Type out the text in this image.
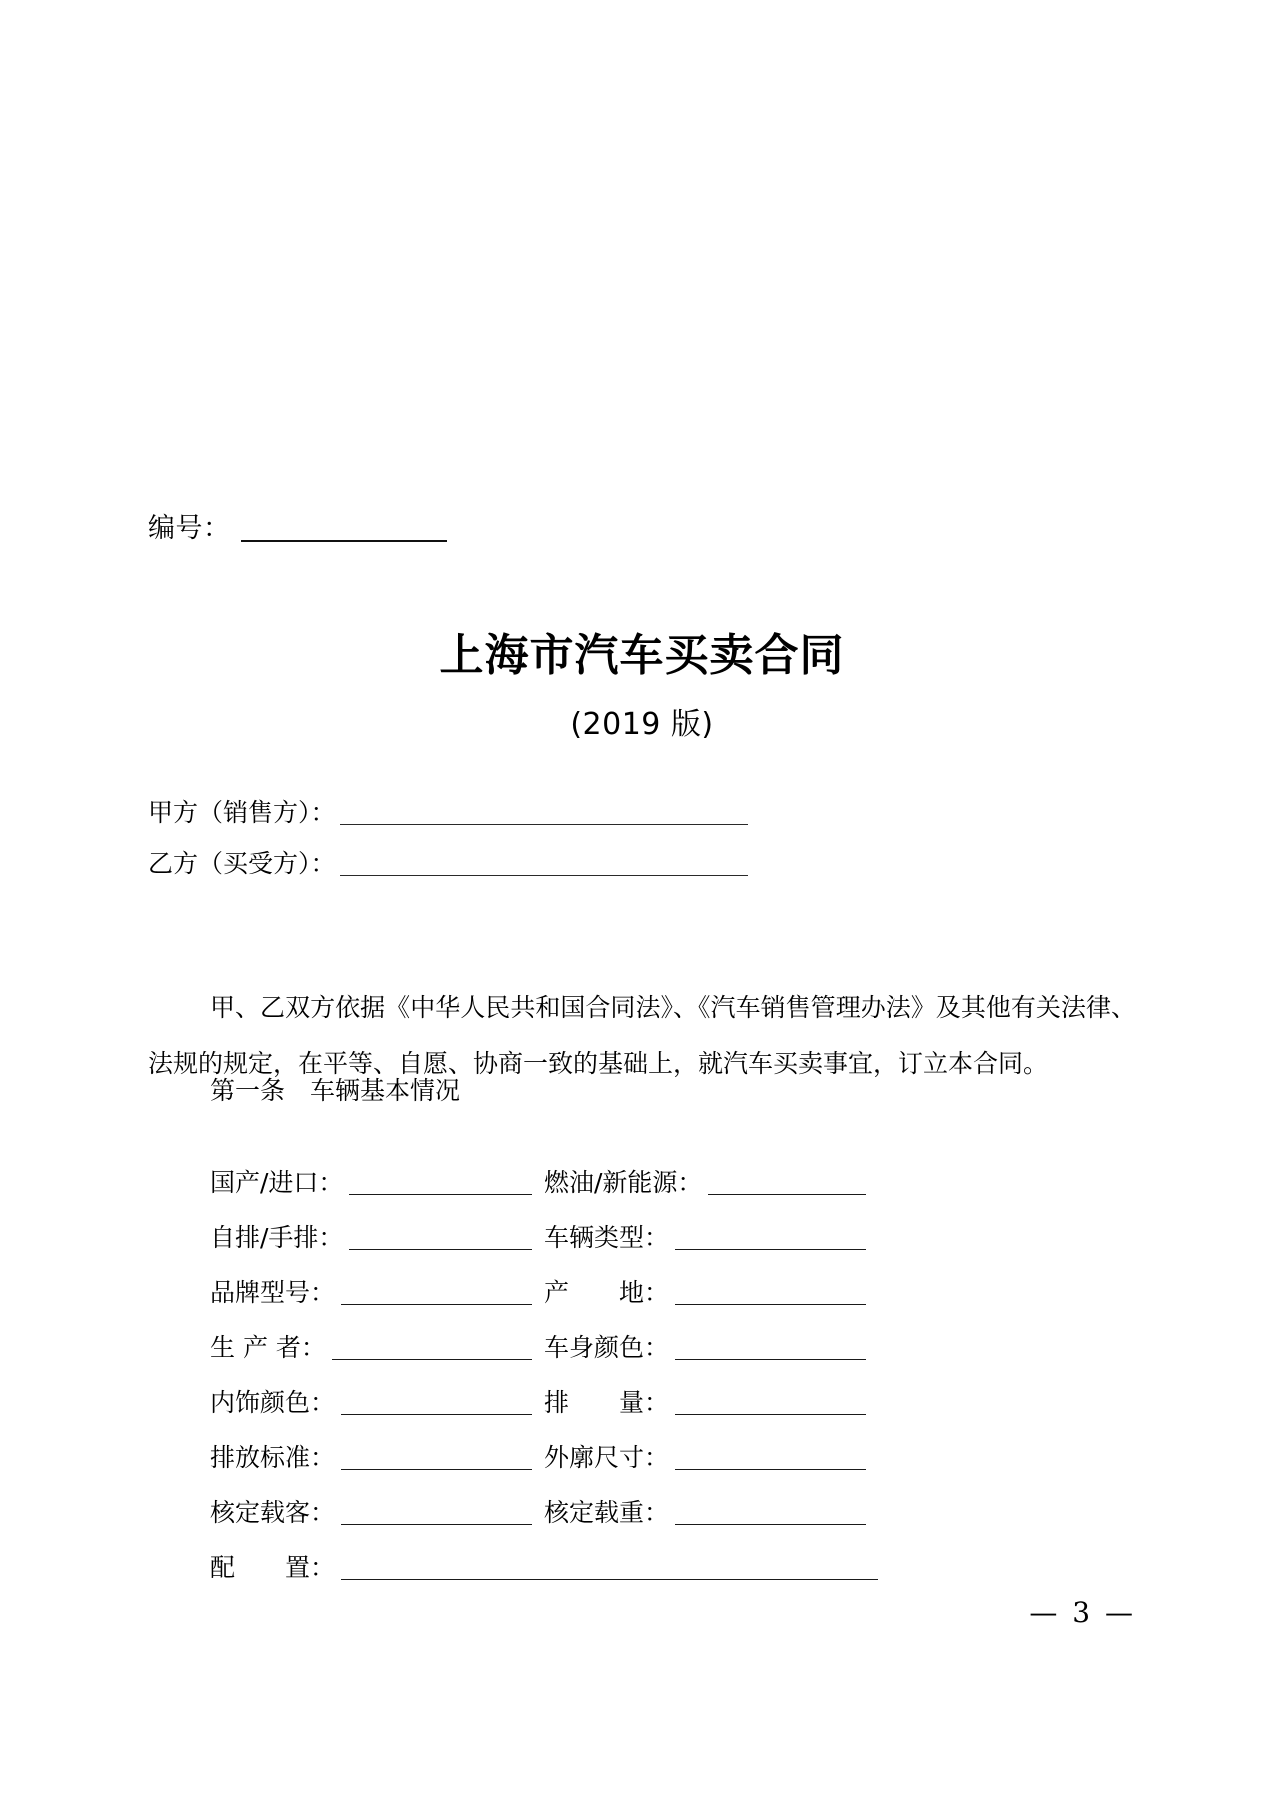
编号：
上海市汽车买卖合同
(2019 版)
甲方（销售方）：
乙方（买受方）：

甲、乙双方依据《中华人民共和国合同法》、《汽车销售管理办法》及其他有关法律、法规的规定，在平等、自愿、协商一致的基础上，就汽车买卖事宜，订立本合同。

第一条　车辆基本情况
国产/进口：	燃油/新能源：
自排/手排：	车辆类型：
品牌型号：	产　　地：
生 产 者：	车身颜色：
内饰颜色：	排　　量：
排放标准：	外廓尺寸：
核定载客：	核定载重：
配　　置：
— 3 —
